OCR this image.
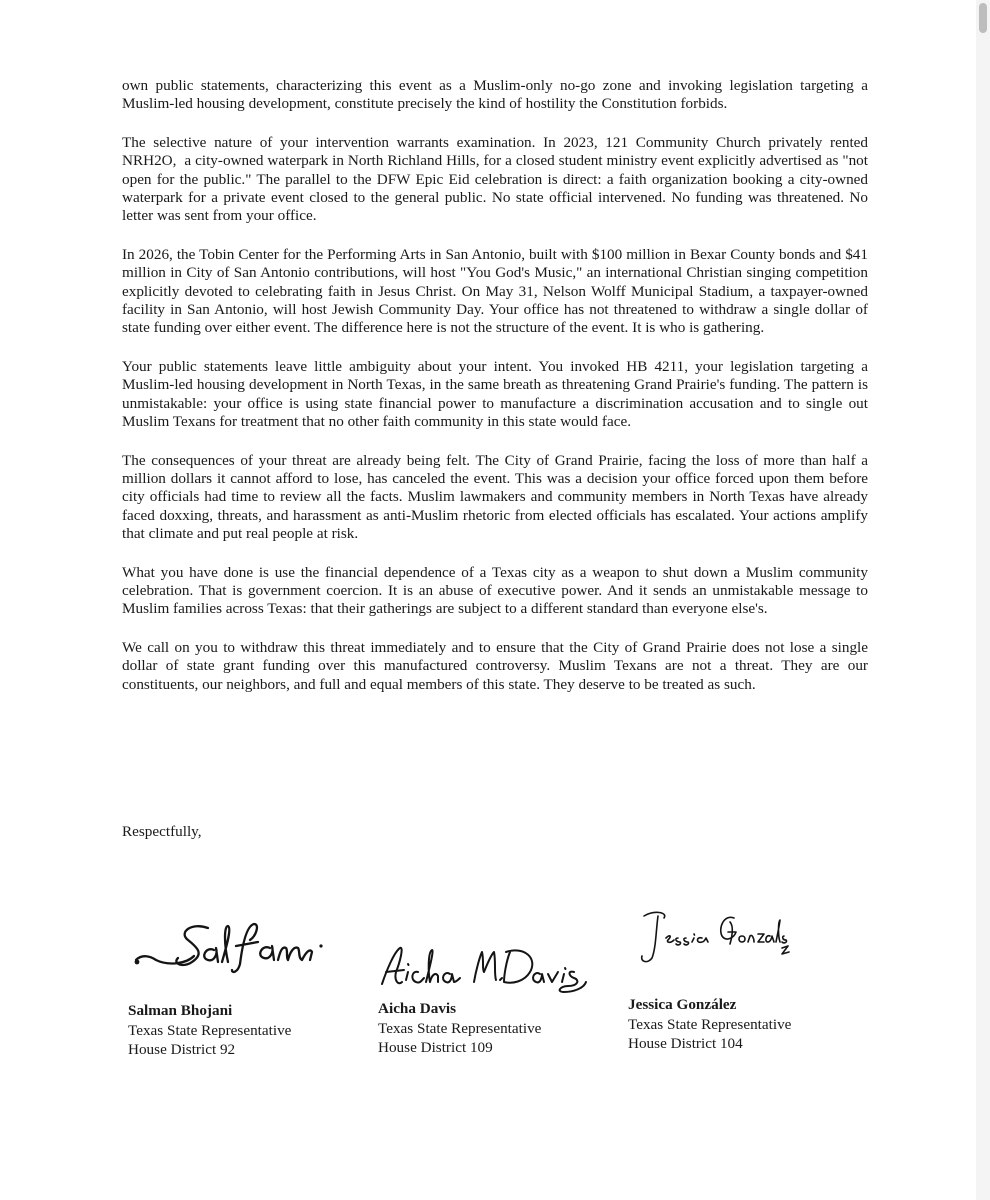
own public statements, characterizing this event as a Muslim-only no-go zone and invoking legislation targeting a Muslim-led housing development, constitute precisely the kind of hostility the Constitution forbids.

The selective nature of your intervention warrants examination. In 2023, 121 Community Church privately rented NRH2O,  a city-owned waterpark in North Richland Hills, for a closed student ministry event explicitly advertised as "not open for the public." The parallel to the DFW Epic Eid celebration is direct: a faith organization booking a city-owned waterpark for a private event closed to the general public. No state official intervened. No funding was threatened. No letter was sent from your office.

In 2026, the Tobin Center for the Performing Arts in San Antonio, built with $100 million in Bexar County bonds and $41 million in City of San Antonio contributions, will host "You God's Music," an international Christian singing competition explicitly devoted to celebrating faith in Jesus Christ. On May 31, Nelson Wolff Municipal Stadium, a taxpayer-owned facility in San Antonio, will host Jewish Community Day. Your office has not threatened to withdraw a single dollar of state funding over either event. The difference here is not the structure of the event. It is who is gathering.

Your public statements leave little ambiguity about your intent. You invoked HB 4211, your legislation targeting a Muslim-led housing development in North Texas, in the same breath as threatening Grand Prairie's funding. The pattern is unmistakable: your office is using state financial power to manufacture a discrimination accusation and to single out Muslim Texans for treatment that no other faith community in this state would face.

The consequences of your threat are already being felt. The City of Grand Prairie, facing the loss of more than half a million dollars it cannot afford to lose, has canceled the event. This was a decision your office forced upon them before city officials had time to review all the facts. Muslim lawmakers and community members in North Texas have already faced doxxing, threats, and harassment as anti-Muslim rhetoric from elected officials has escalated. Your actions amplify that climate and put real people at risk.

What you have done is use the financial dependence of a Texas city as a weapon to shut down a Muslim community celebration. That is government coercion. It is an abuse of executive power. And it sends an unmistakable message to Muslim families across Texas: that their gatherings are subject to a different standard than everyone else's.

We call on you to withdraw this threat immediately and to ensure that the City of Grand Prairie does not lose a single dollar of state grant funding over this manufactured controversy. Muslim Texans are not a threat. They are our constituents, our neighbors, and full and equal members of this state. They deserve to be treated as such.

Respectfully,
Salman Bhojani
Texas State Representative
House District 92
Aicha Davis
Texas State Representative
House District 109
Jessica González
Texas State Representative
House District 104
